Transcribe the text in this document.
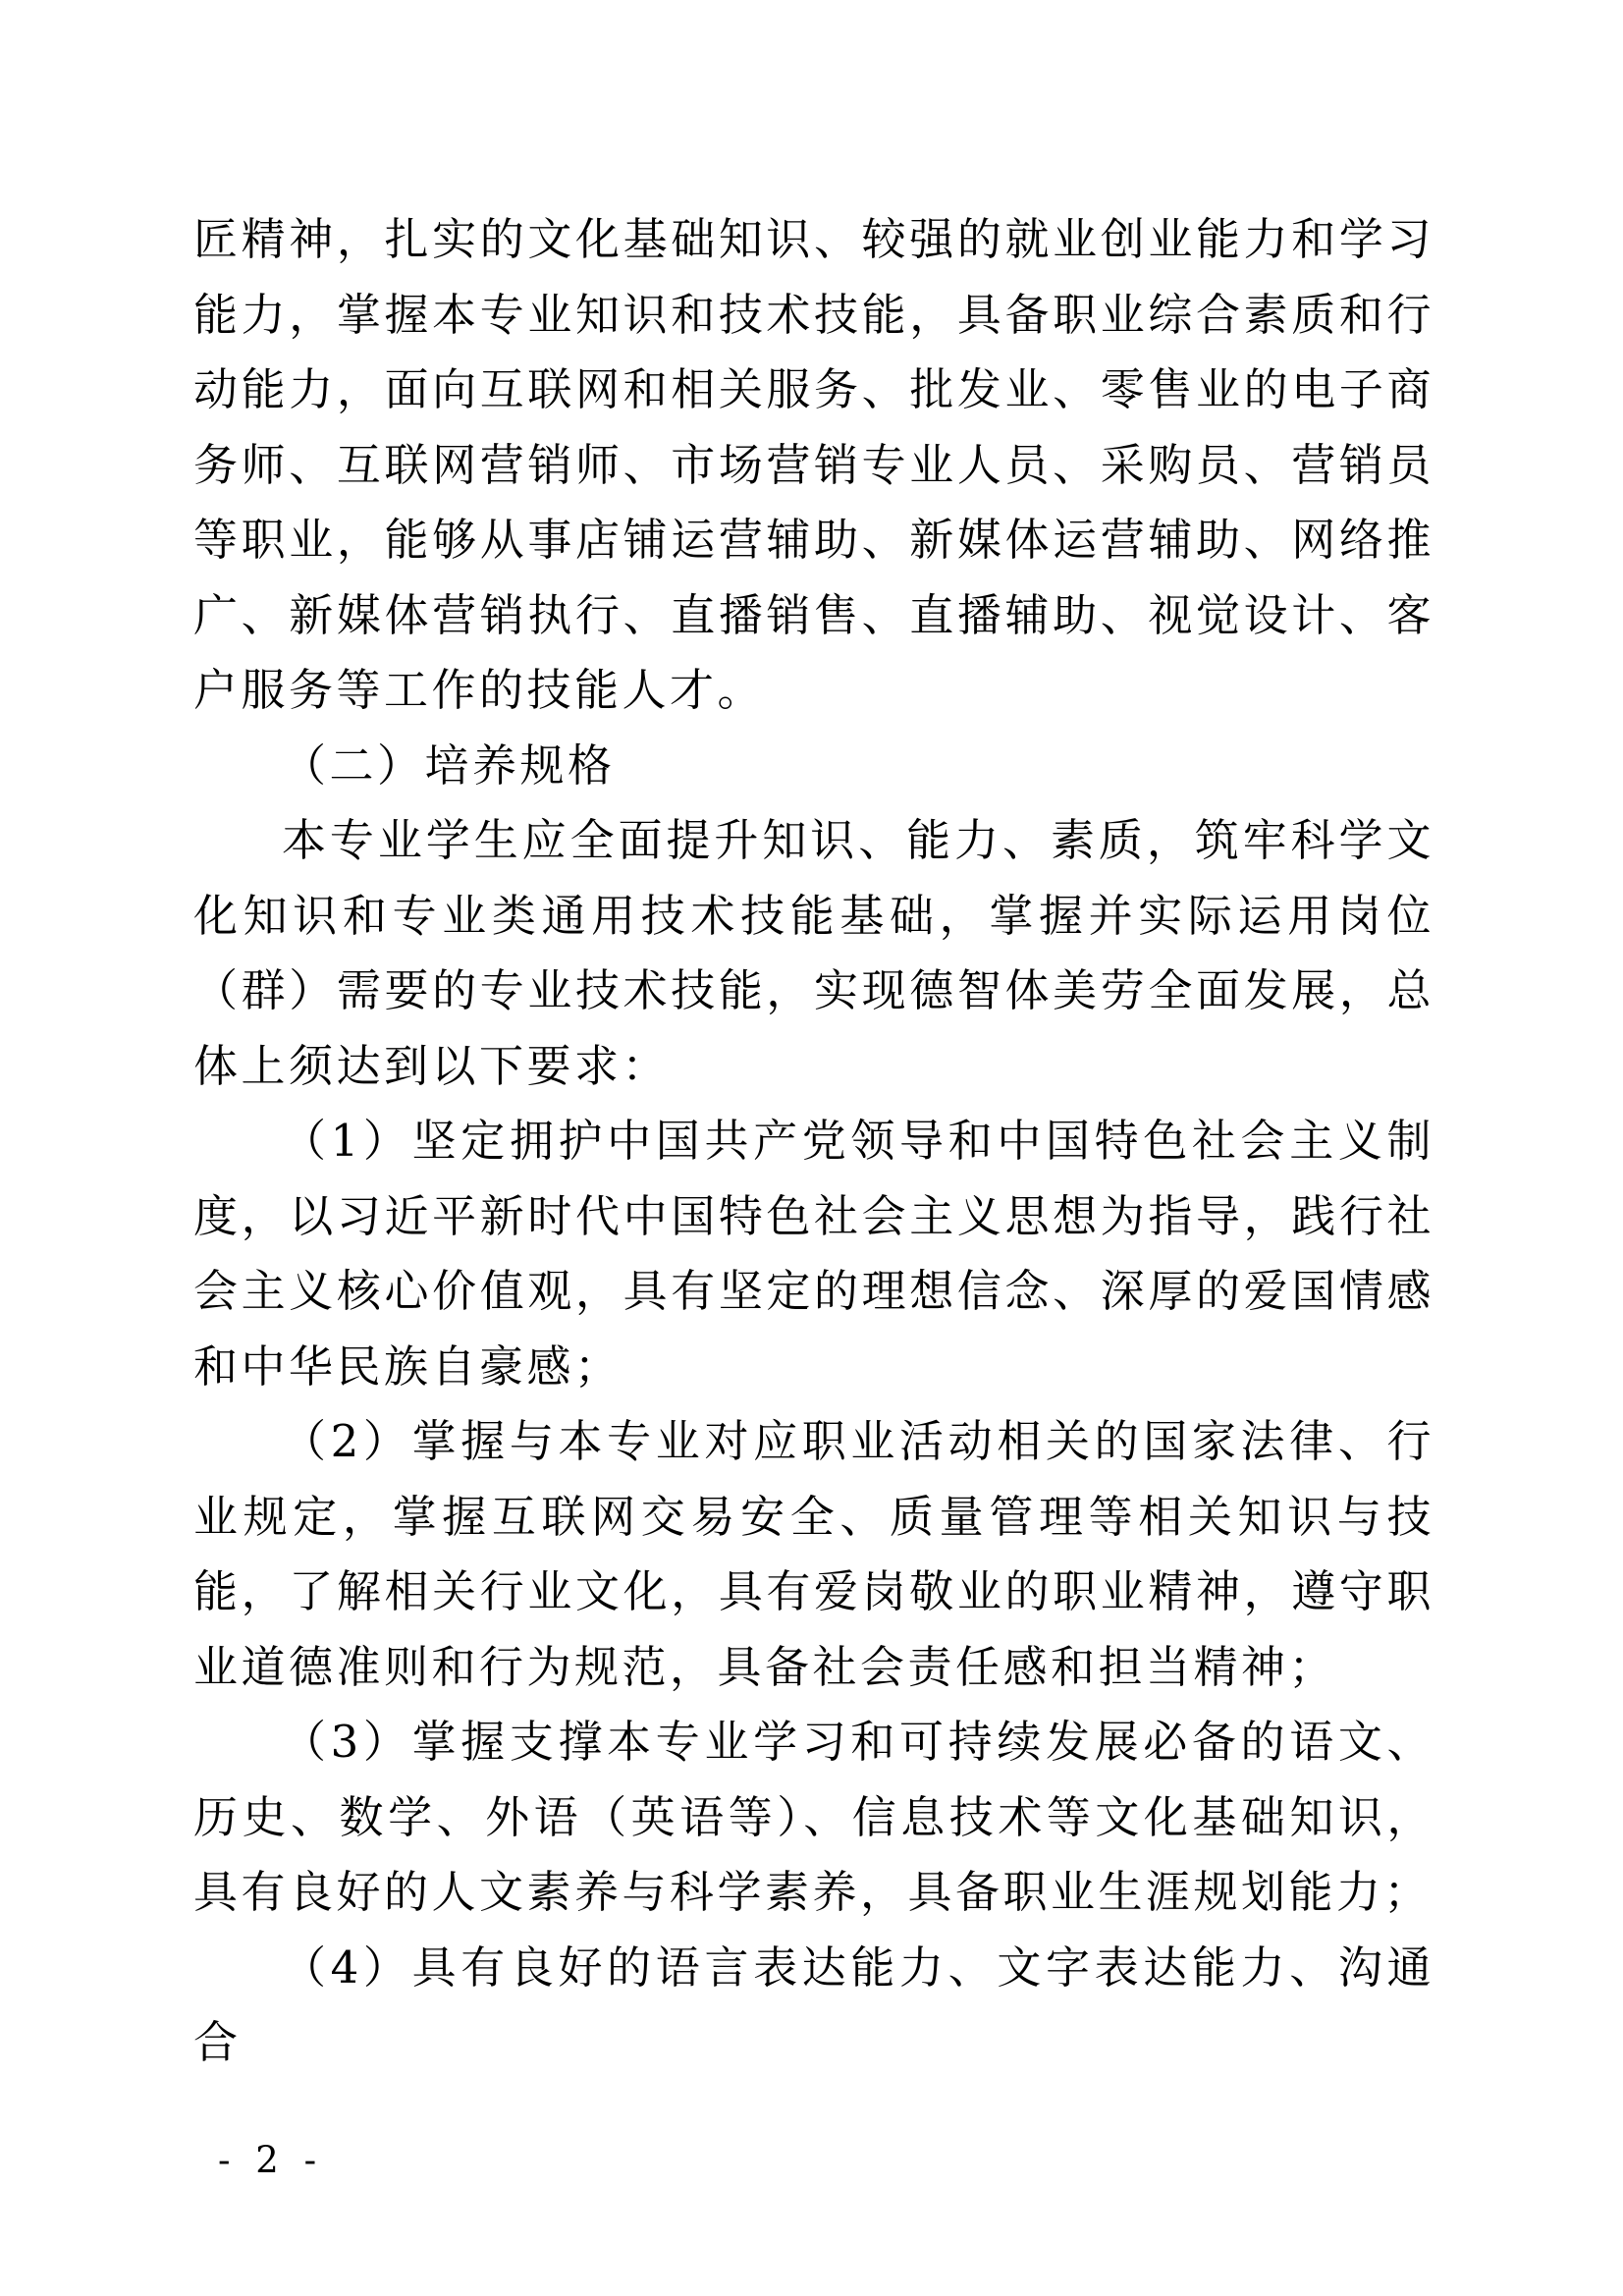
匠精神，扎实的文化基础知识、较强的就业创业能力和学习能力，掌握本专业知识和技术技能，具备职业综合素质和行动能力，面向互联网和相关服务、批发业、零售业的电子商务师、互联网营销师、市场营销专业人员、采购员、营销员等职业，能够从事店铺运营辅助、新媒体运营辅助、网络推广、新媒体营销执行、直播销售、直播辅助、视觉设计、客户服务等工作的技能人才。

（二）培养规格

本专业学生应全面提升知识、能力、素质，筑牢科学文化知识和专业类通用技术技能基础，掌握并实际运用岗位（群）需要的专业技术技能，实现德智体美劳全面发展，总体上须达到以下要求：

（1）坚定拥护中国共产党领导和中国特色社会主义制度，以习近平新时代中国特色社会主义思想为指导，践行社会主义核心价值观，具有坚定的理想信念、深厚的爱国情感和中华民族自豪感；

（2）掌握与本专业对应职业活动相关的国家法律、行业规定，掌握互联网交易安全、质量管理等相关知识与技能，了解相关行业文化，具有爱岗敬业的职业精神，遵守职业道德准则和行为规范，具备社会责任感和担当精神；

（3）掌握支撑本专业学习和可持续发展必备的语文、历史、数学、外语（英语等）、信息技术等文化基础知识，具有良好的人文素养与科学素养，具备职业生涯规划能力；

（4）具有良好的语言表达能力、文字表达能力、沟通合

- 2 -
